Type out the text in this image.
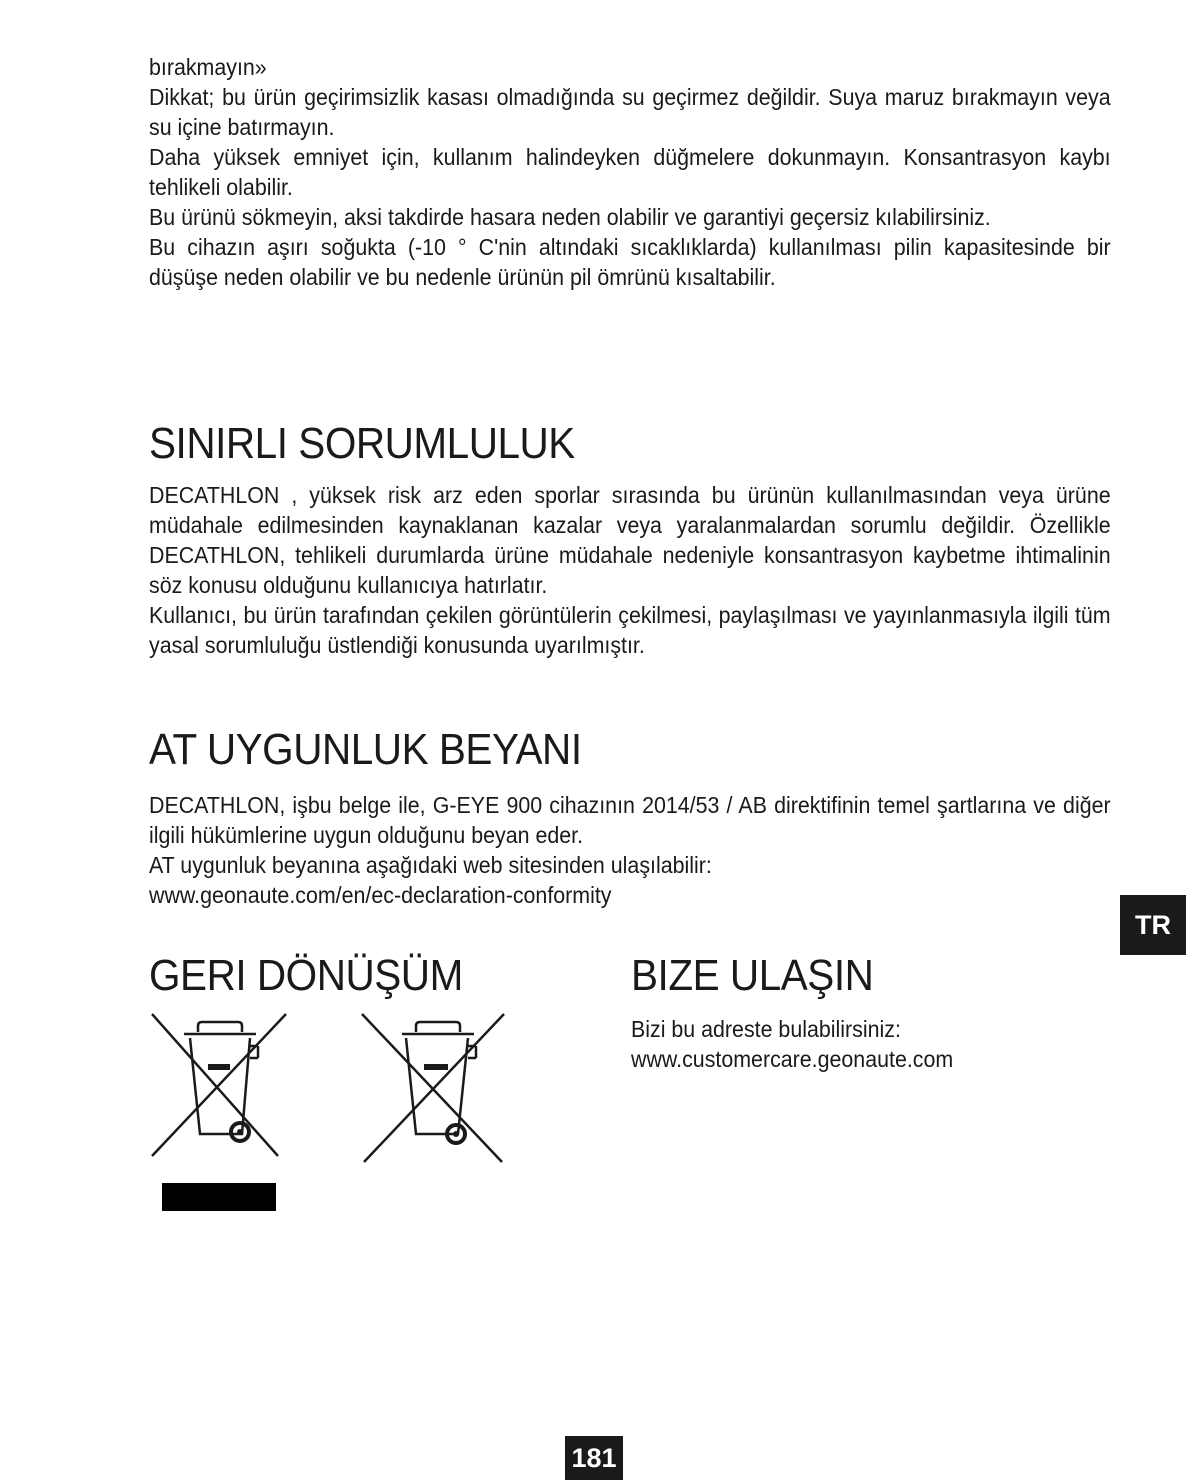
bırakmayın»

Dikkat; bu ürün geçirimsizlik kasası olmadığında su geçirmez değildir. Suya maruz bırakmayın veya su içine batırmayın.

Daha yüksek emniyet için, kullanım halindeyken düğmelere dokunmayın. Konsantrasyon kaybı tehlikeli olabilir.

Bu ürünü sökmeyin, aksi takdirde hasara neden olabilir ve garantiyi geçersiz kılabilirsiniz.

Bu cihazın aşırı soğukta (-10 ° C'nin altındaki sıcaklıklarda) kullanılması pilin kapasitesinde bir düşüşe neden olabilir ve bu nedenle ürünün pil ömrünü kısaltabilir.

SINIRLI SORUMLULUK

DECATHLON , yüksek risk arz eden sporlar sırasında bu ürünün kullanılmasından veya ürüne müdahale edilmesinden kaynaklanan kazalar veya yaralanmalardan sorumlu değildir. Özellikle DECATHLON, tehlikeli durumlarda ürüne müdahale nedeniyle konsantrasyon kaybetme ihtimalinin söz konusu olduğunu kullanıcıya hatırlatır.

Kullanıcı, bu ürün tarafından çekilen görüntülerin çekilmesi, paylaşılması ve yayınlanmasıyla ilgili tüm yasal sorumluluğu üstlendiği konusunda uyarılmıştır.

AT UYGUNLUK BEYANI

DECATHLON, işbu belge ile, G-EYE 900 cihazının 2014/53 / AB direktifinin temel şartlarına ve diğer ilgili hükümlerine uygun olduğunu beyan eder.

AT uygunluk beyanına aşağıdaki web sitesinden ulaşılabilir:

www.geonaute.com/en/ec-declaration-conformity

GERI DÖNÜŞÜM	BIZE ULAŞIN

Bizi bu adreste bulabilirsiniz:

www.customercare.geonaute.com

TR
181
